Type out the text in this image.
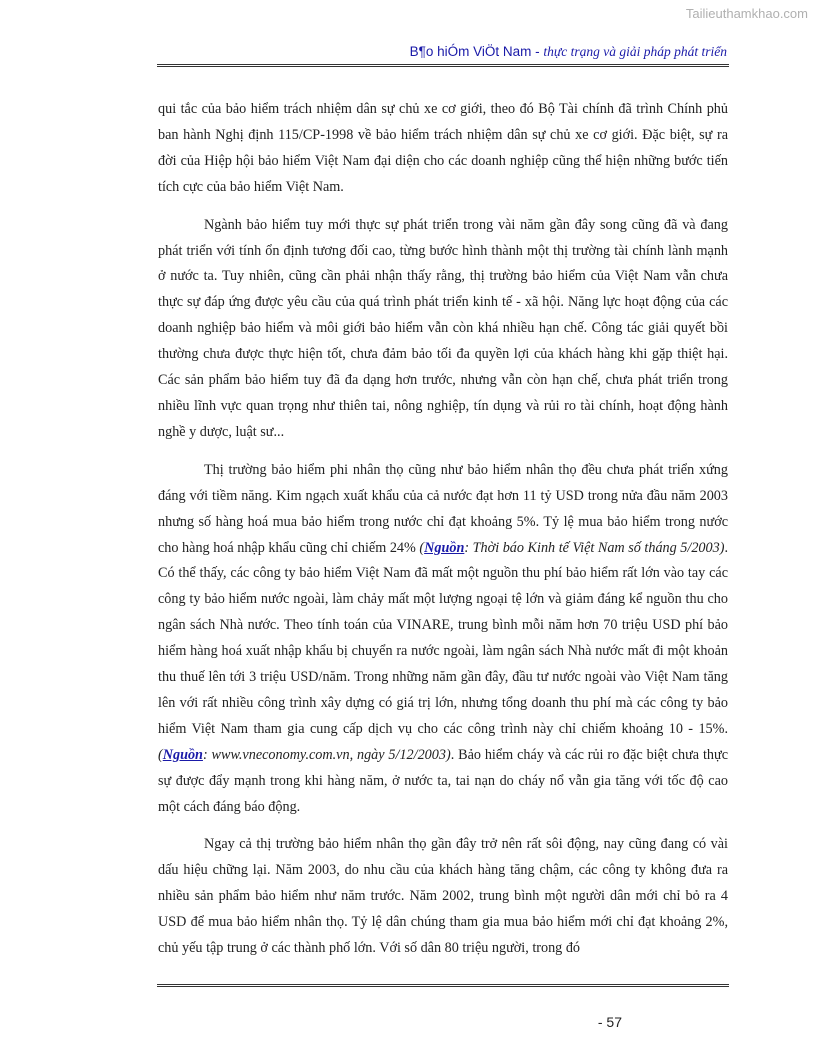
Tailieuthamkhao.com
B¶o hiÓm ViÖt Nam - thực trạng và giải pháp phát triển

qui tắc của bảo hiểm trách nhiệm dân sự chủ xe cơ giới, theo đó Bộ Tài chính đã trình Chính phủ ban hành Nghị định 115/CP-1998 về bảo hiểm trách nhiệm dân sự chủ xe cơ giới. Đặc biệt, sự ra đời của Hiệp hội bảo hiểm Việt Nam đại diện cho các doanh nghiệp cũng thể hiện những bước tiến tích cực của bảo hiểm Việt Nam.

Ngành bảo hiểm tuy mới thực sự phát triển trong vài năm gần đây song cũng đã và đang phát triển với tính ổn định tương đối cao, từng bước hình thành một thị trường tài chính lành mạnh ở nước ta. Tuy nhiên, cũng cần phải nhận thấy rằng, thị trường bảo hiểm của Việt Nam vẫn chưa thực sự đáp ứng được yêu cầu của quá trình phát triển kinh tế - xã hội. Năng lực hoạt động của các doanh nghiệp bảo hiểm và môi giới bảo hiểm vẫn còn khá nhiều hạn chế. Công tác giải quyết bồi thường chưa được thực hiện tốt, chưa đảm bảo tối đa quyền lợi của khách hàng khi gặp thiệt hại. Các sản phẩm bảo hiểm tuy đã đa dạng hơn trước, nhưng vẫn còn hạn chế, chưa phát triển trong nhiều lĩnh vực quan trọng như thiên tai, nông nghiệp, tín dụng và rủi ro tài chính, hoạt động hành nghề y dược, luật sư...

Thị trường bảo hiểm phi nhân thọ cũng như bảo hiểm nhân thọ đều chưa phát triển xứng đáng với tiềm năng. Kim ngạch xuất khẩu của cả nước đạt hơn 11 tỷ USD trong nửa đầu năm 2003 nhưng số hàng hoá mua bảo hiểm trong nước chỉ đạt khoảng 5%. Tỷ lệ mua bảo hiểm trong nước cho hàng hoá nhập khẩu cũng chỉ chiếm 24% (Nguồn: Thời báo Kinh tế Việt Nam số tháng 5/2003). Có thể thấy, các công ty bảo hiểm Việt Nam đã mất một nguồn thu phí bảo hiểm rất lớn vào tay các công ty bảo hiểm nước ngoài, làm chảy mất một lượng ngoại tệ lớn và giảm đáng kể nguồn thu cho ngân sách Nhà nước. Theo tính toán của VINARE, trung bình mỗi năm hơn 70 triệu USD phí bảo hiểm hàng hoá xuất nhập khẩu bị chuyển ra nước ngoài, làm ngân sách Nhà nước mất đi một khoản thu thuế lên tới 3 triệu USD/năm. Trong những năm gần đây, đầu tư nước ngoài vào Việt Nam tăng lên với rất nhiều công trình xây dựng có giá trị lớn, nhưng tổng doanh thu phí mà các công ty bảo hiểm Việt Nam tham gia cung cấp dịch vụ cho các công trình này chỉ chiếm khoảng 10 - 15%. (Nguồn: www.vneconomy.com.vn, ngày 5/12/2003). Bảo hiểm cháy và các rủi ro đặc biệt chưa thực sự được đẩy mạnh trong khi hàng năm, ở nước ta, tai nạn do cháy nổ vẫn gia tăng với tốc độ cao một cách đáng báo động.

Ngay cả thị trường bảo hiểm nhân thọ gần đây trở nên rất sôi động, nay cũng đang có vài dấu hiệu chững lại. Năm 2003, do nhu cầu của khách hàng tăng chậm, các công ty không đưa ra nhiều sản phẩm bảo hiểm như năm trước. Năm 2002, trung bình một người dân mới chỉ bỏ ra 4 USD để mua bảo hiểm nhân thọ. Tỷ lệ dân chúng tham gia mua bảo hiểm mới chỉ đạt khoảng 2%, chủ yếu tập trung ở các thành phố lớn. Với số dân 80 triệu người, trong đó

- 57
